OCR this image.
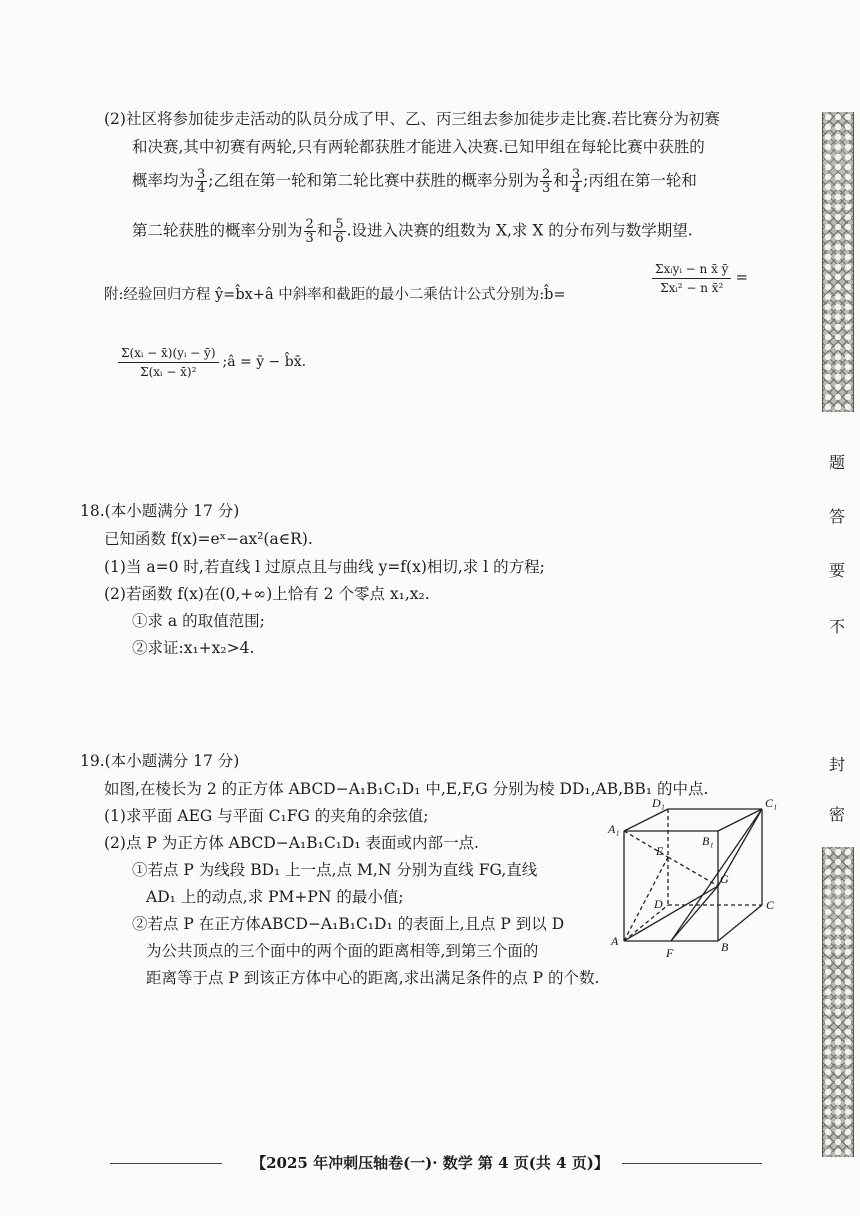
(2)社区将参加徒步走活动的队员分成了甲、乙、丙三组去参加徒步走比赛.若比赛分为初赛
和决赛,其中初赛有两轮,只有两轮都获胜才能进入决赛.已知甲组在每轮比赛中获胜的
概率均为 $\frac{3}{4}$ ;乙组在第一轮和第二轮比赛中获胜的概率分别为 $\frac{2}{3}$ 和 $\frac{3}{4}$ ;丙组在第一轮和
第二轮获胜的概率分别为 $\frac{2}{3}$ 和 $\frac{5}{6}$ .设进入决赛的组数为 X,求 X 的分布列与数学期望.
附:经验回归方程 ŷ=b̂x+â 中斜率和截距的最小二乘估计公式分别为:b̂=
Σxᵢyᵢ − n x̄ ȳ
Σxᵢ² − n x̄²
=
$\frac{\text{Σ(xᵢ − x̄)(yᵢ − ȳ)}}{\text{Σ(xᵢ − x̄)²}}$ ;â = ȳ − b̂x̄.
18.(本小题满分 17 分)
已知函数 f(x)=eˣ−ax²(a∈R).
(1)当 a=0 时,若直线 l 过原点且与曲线 y=f(x)相切,求 l 的方程;
(2)若函数 f(x)在(0,+∞)上恰有 2 个零点 x₁,x₂.
①求 a 的取值范围;
②求证:x₁+x₂>4.
19.(本小题满分 17 分)
如图,在棱长为 2 的正方体 ABCD−A₁B₁C₁D₁ 中,E,F,G 分别为棱 DD₁,AB,BB₁ 的中点.
(1)求平面 AEG 与平面 C₁FG 的夹角的余弦值;
(2)点 P 为正方体 ABCD−A₁B₁C₁D₁ 表面或内部一点.
①若点 P 为线段 BD₁ 上一点,点 M,N 分别为直线 FG,直线
AD₁ 上的动点,求 PM+PN 的最小值;
②若点 P 在正方体ABCD−A₁B₁C₁D₁ 的表面上,且点 P 到以 D
为公共顶点的三个面中的两个面的距离相等,到第三个面的
距离等于点 P 到该正方体中心的距离,求出满足条件的点 P 的个数.
D₁	C₁
A₁
B₁
E
G
D	C
A	B
F
题
答
要
不
封
密
【2025 年冲刺压轴卷(一)· 数学 第 4 页(共 4 页)】
